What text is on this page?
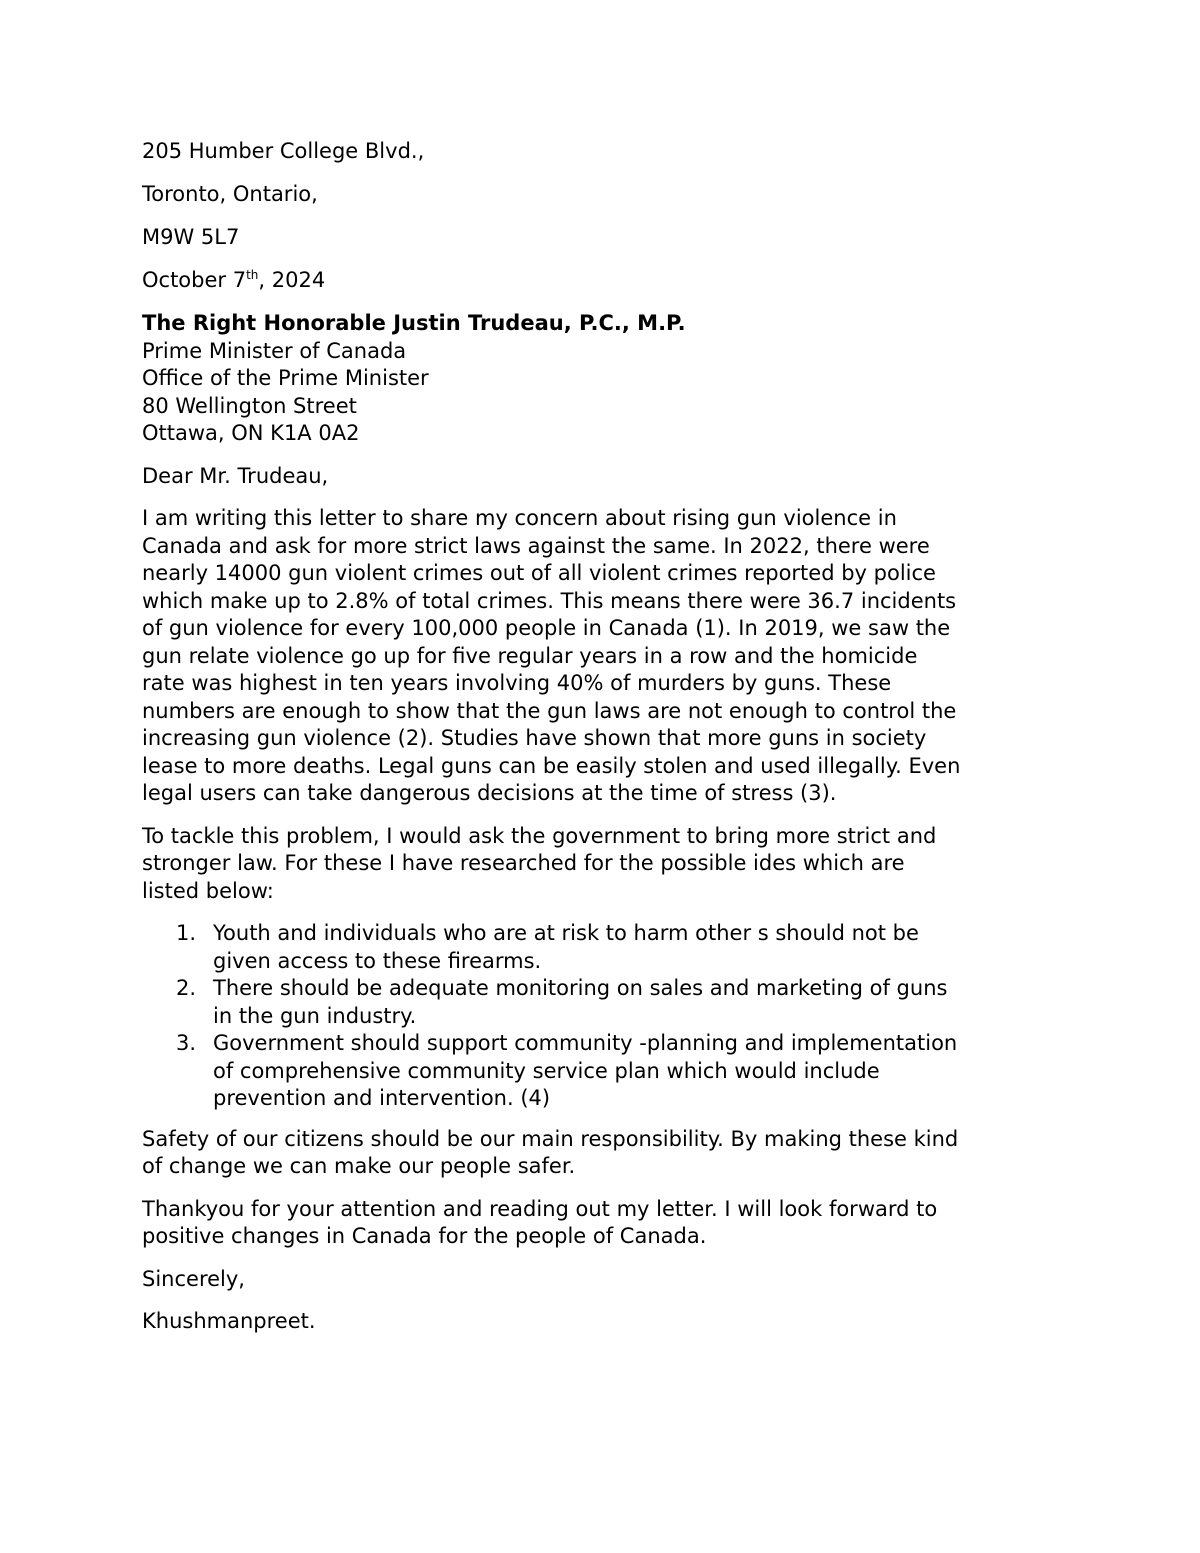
205 Humber College Blvd.,

Toronto, Ontario,

M9W 5L7

October 7th, 2024

The Right Honorable Justin Trudeau, P.C., M.P.

Prime Minister of Canada

Office of the Prime Minister

80 Wellington Street

Ottawa, ON K1A 0A2

Dear Mr. Trudeau,

I am writing this letter to share my concern about rising gun violence in

Canada and ask for more strict laws against the same. In 2022, there were

nearly 14000 gun violent crimes out of all violent crimes reported by police

which make up to 2.8% of total crimes. This means there were 36.7 incidents

of gun violence for every 100,000 people in Canada (1). In 2019, we saw the

gun relate violence go up for five regular years in a row and the homicide

rate was highest in ten years involving 40% of murders by guns. These

numbers are enough to show that the gun laws are not enough to control the

increasing gun violence (2). Studies have shown that more guns in society

lease to more deaths. Legal guns can be easily stolen and used illegally. Even

legal users can take dangerous decisions at the time of stress (3).

To tackle this problem, I would ask the government to bring more strict and

stronger law. For these I have researched for the possible ides which are

listed below:

1. Youth and individuals who are at risk to harm other s should not be

given access to these firearms.

2. There should be adequate monitoring on sales and marketing of guns

in the gun industry.

3. Government should support community -planning and implementation

of comprehensive community service plan which would include

prevention and intervention. (4)

Safety of our citizens should be our main responsibility. By making these kind

of change we can make our people safer.

Thankyou for your attention and reading out my letter. I will look forward to

positive changes in Canada for the people of Canada.

Sincerely,

Khushmanpreet.
